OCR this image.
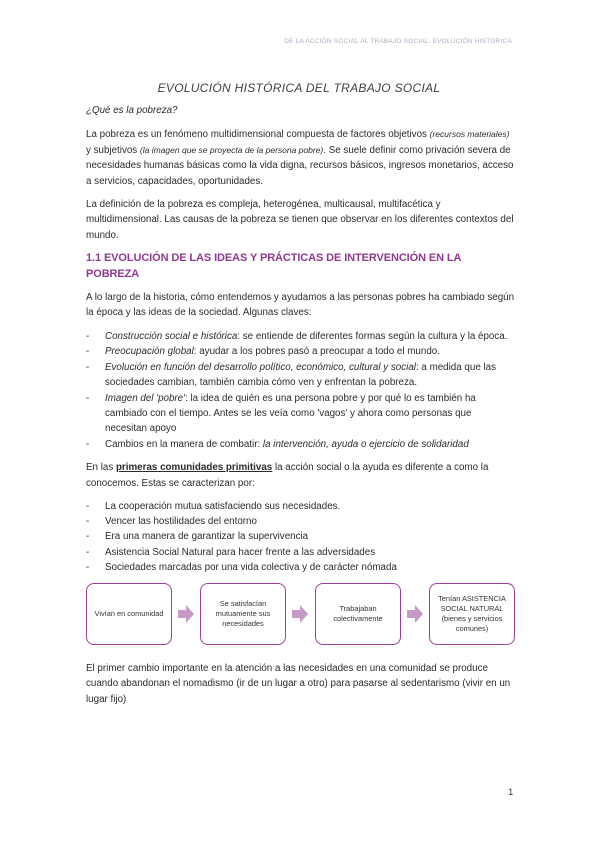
DE LA ACCIÓN SOCIAL AL TRABAJO SOCIAL. EVOLUCIÓN HISTÓRICA
EVOLUCIÓN HISTÓRICA DEL TRABAJO SOCIAL

¿Qué es la pobreza?

La pobreza es un fenómeno multidimensional compuesta de factores objetivos (recursos materiales) y subjetivos (la imagen que se proyecta de la persona pobre). Se suele definir como privación severa de necesidades humanas básicas como la vida digna, recursos básicos, ingresos monetarios, acceso a servicios, capacidades, oportunidades.

La definición de la pobreza es compleja, heterogénea, multicausal, multifacética y multidimensional. Las causas de la pobreza se tienen que observar en los diferentes contextos del mundo.

1.1 EVOLUCIÓN DE LAS IDEAS Y PRÁCTICAS DE INTERVENCIÓN EN LA POBREZA

A lo largo de la historia, cómo entendemos y ayudamos a las personas pobres ha cambiado según la época y las ideas de la sociedad. Algunas claves:

- Construcción social e histórica: se entiende de diferentes formas según la cultura y la época.
- Preocupación global: ayudar a los pobres pasó a preocupar a todo el mundo.
- Evolución en función del desarrollo político, económico, cultural y social: a medida que las sociedades cambian, también cambia cómo ven y enfrentan la pobreza.
- Imagen del 'pobre': la idea de quién es una persona pobre y por qué lo es también ha cambiado con el tiempo. Antes se les veía como 'vagos' y ahora como personas que necesitan apoyo
- Cambios en la manera de combatir: la intervención, ayuda o ejercicio de solidaridad

En las primeras comunidades primitivas la acción social o la ayuda es diferente a como la conocemos. Estas se caracterizan por:

- La cooperación mutua satisfaciendo sus necesidades.
- Vencer las hostilidades del entorno
- Era una manera de garantizar la supervivencia
- Asistencia Social Natural para hacer frente a las adversidades
- Sociedades marcadas por una vida colectiva y de carácter nómada
Vivían en comunidad
Se satisfacían mutuamente sus necesidades
Trabajaban colectivamente
Tenían ASISTENCIA SOCIAL NATURAL (bienes y servicios comunes)

El primer cambio importante en la atención a las necesidades en una comunidad se produce cuando abandonan el nomadismo (ir de un lugar a otro) para pasarse al sedentarismo (vivir en un lugar fijo)

1
